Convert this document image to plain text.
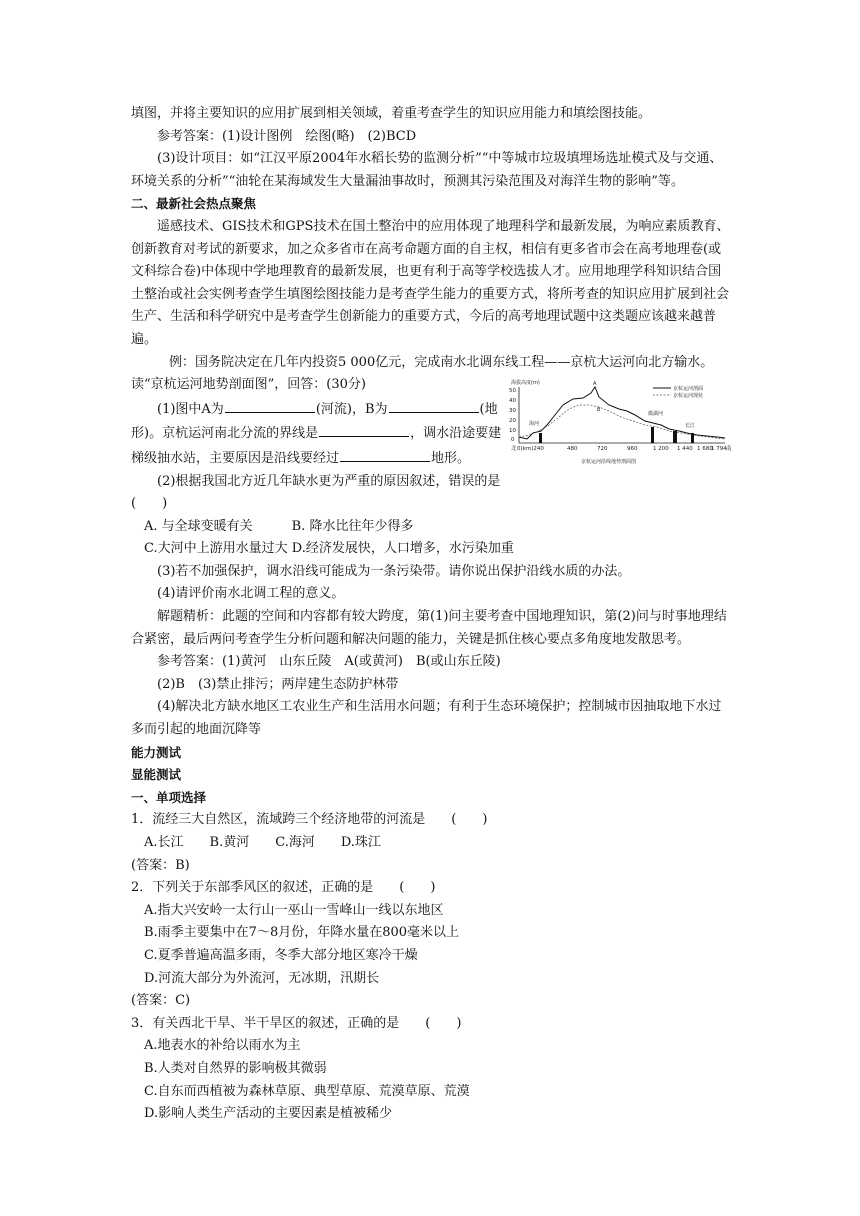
填图，并将主要知识的应用扩展到相关领域，着重考查学生的知识应用能力和填绘图技能。

参考答案：(1)设计图例　绘图(略)　(2)BCD

(3)设计项目：如“江汉平原2004年水稻长势的监测分析”“中等城市垃圾填埋场选址模式及与交通、环境关系的分析”“油轮在某海域发生大量漏油事故时，预测其污染范围及对海洋生物的影响”等。

二、最新社会热点聚焦

遥感技术、GIS技术和GPS技术在国土整治中的应用体现了地理科学和最新发展，为响应素质教育、创新教育对考试的新要求，加之众多省市在高考命题方面的自主权，相信有更多省市会在高考地理卷(或文科综合卷)中体现中学地理教育的最新发展，也更有利于高等学校选拔人才。应用地理学科知识结合国土整治或社会实例考查学生填图绘图技能力是考查学生能力的重要方式，将所考查的知识应用扩展到社会生产、生活和科学研究中是考查学生创新能力的重要方式，今后的高考地理试题中这类题应该越来越普遍。

例：国务院决定在几年内投资5 000亿元，完成南水北调东线工程——京杭大运河向北方输水。读“京杭运河地势剖面图”，回答：(30分)

(1)图中A为	(河流)，B为	(地形)。京杭运河南北分流的界线是	，调水沿途要建梯级抽水站，主要原因是沿线要经过	地形。

(2)根据我国北方近几年缺水更为严重的原因叙述，错误的是(　　)

A. 与全球变暖有关　　　B. 降水比往年少得多

C.大河中上游用水量过大 D.经济发展快，人口增多，水污染加重

(3)若不加强保护，调水沿线可能成为一条污染带。请你说出保护沿线水质的办法。

(4)请评价南水北调工程的意义。

解题精析：此题的空间和内容都有较大跨度，第(1)问主要考查中国地理知识，第(2)问与时事地理结合紧密，最后两问考查学生分析问题和解决问题的能力，关键是抓住核心要点多角度地发散思考。

参考答案：(1)黄河　山东丘陵　A(或黄河)　B(或山东丘陵)

(2)B　(3)禁止排污；两岸建生态防护林带

(4)解决北方缺水地区工农业生产和生活用水问题；有利于生态环境保护；控制城市因抽取地下水过多而引起的地面沉降等

能力测试

显能测试

一、单项选择

1．流经三大自然区，流域跨三个经济地带的河流是　　(　　)

A.长江　　B.黄河　　C.海河　　D.珠江

(答案：B)

2．下列关于东部季风区的叙述，正确的是　　(　　)

A.指大兴安岭一太行山一巫山一雪峰山一线以东地区

B.雨季主要集中在7～8月份，年降水量在800毫米以上

C.夏季普遍高温多雨，冬季大部分地区寒冷干燥

D.河流大部分为外流河，无冰期，汛期长

(答案：C)

3．有关西北干旱、半干旱区的叙述，正确的是　　(　　)

A.地表水的补给以雨水为主

B.人类对自然界的影响极其微弱

C.自东而西植被为森林草原、典型草原、荒漠草原、荒漠

D.影响人类生产活动的主要因素是植被稀少

海拔高度(m)
50
40
30
20
10
0
海河
A
B
微湖河
长江
京杭运河剖面
京杭运河现状
北 0(km)240	480	720	960	1 200 1 440 1 680
1 794 南
京杭运河沿线地势剖面图
